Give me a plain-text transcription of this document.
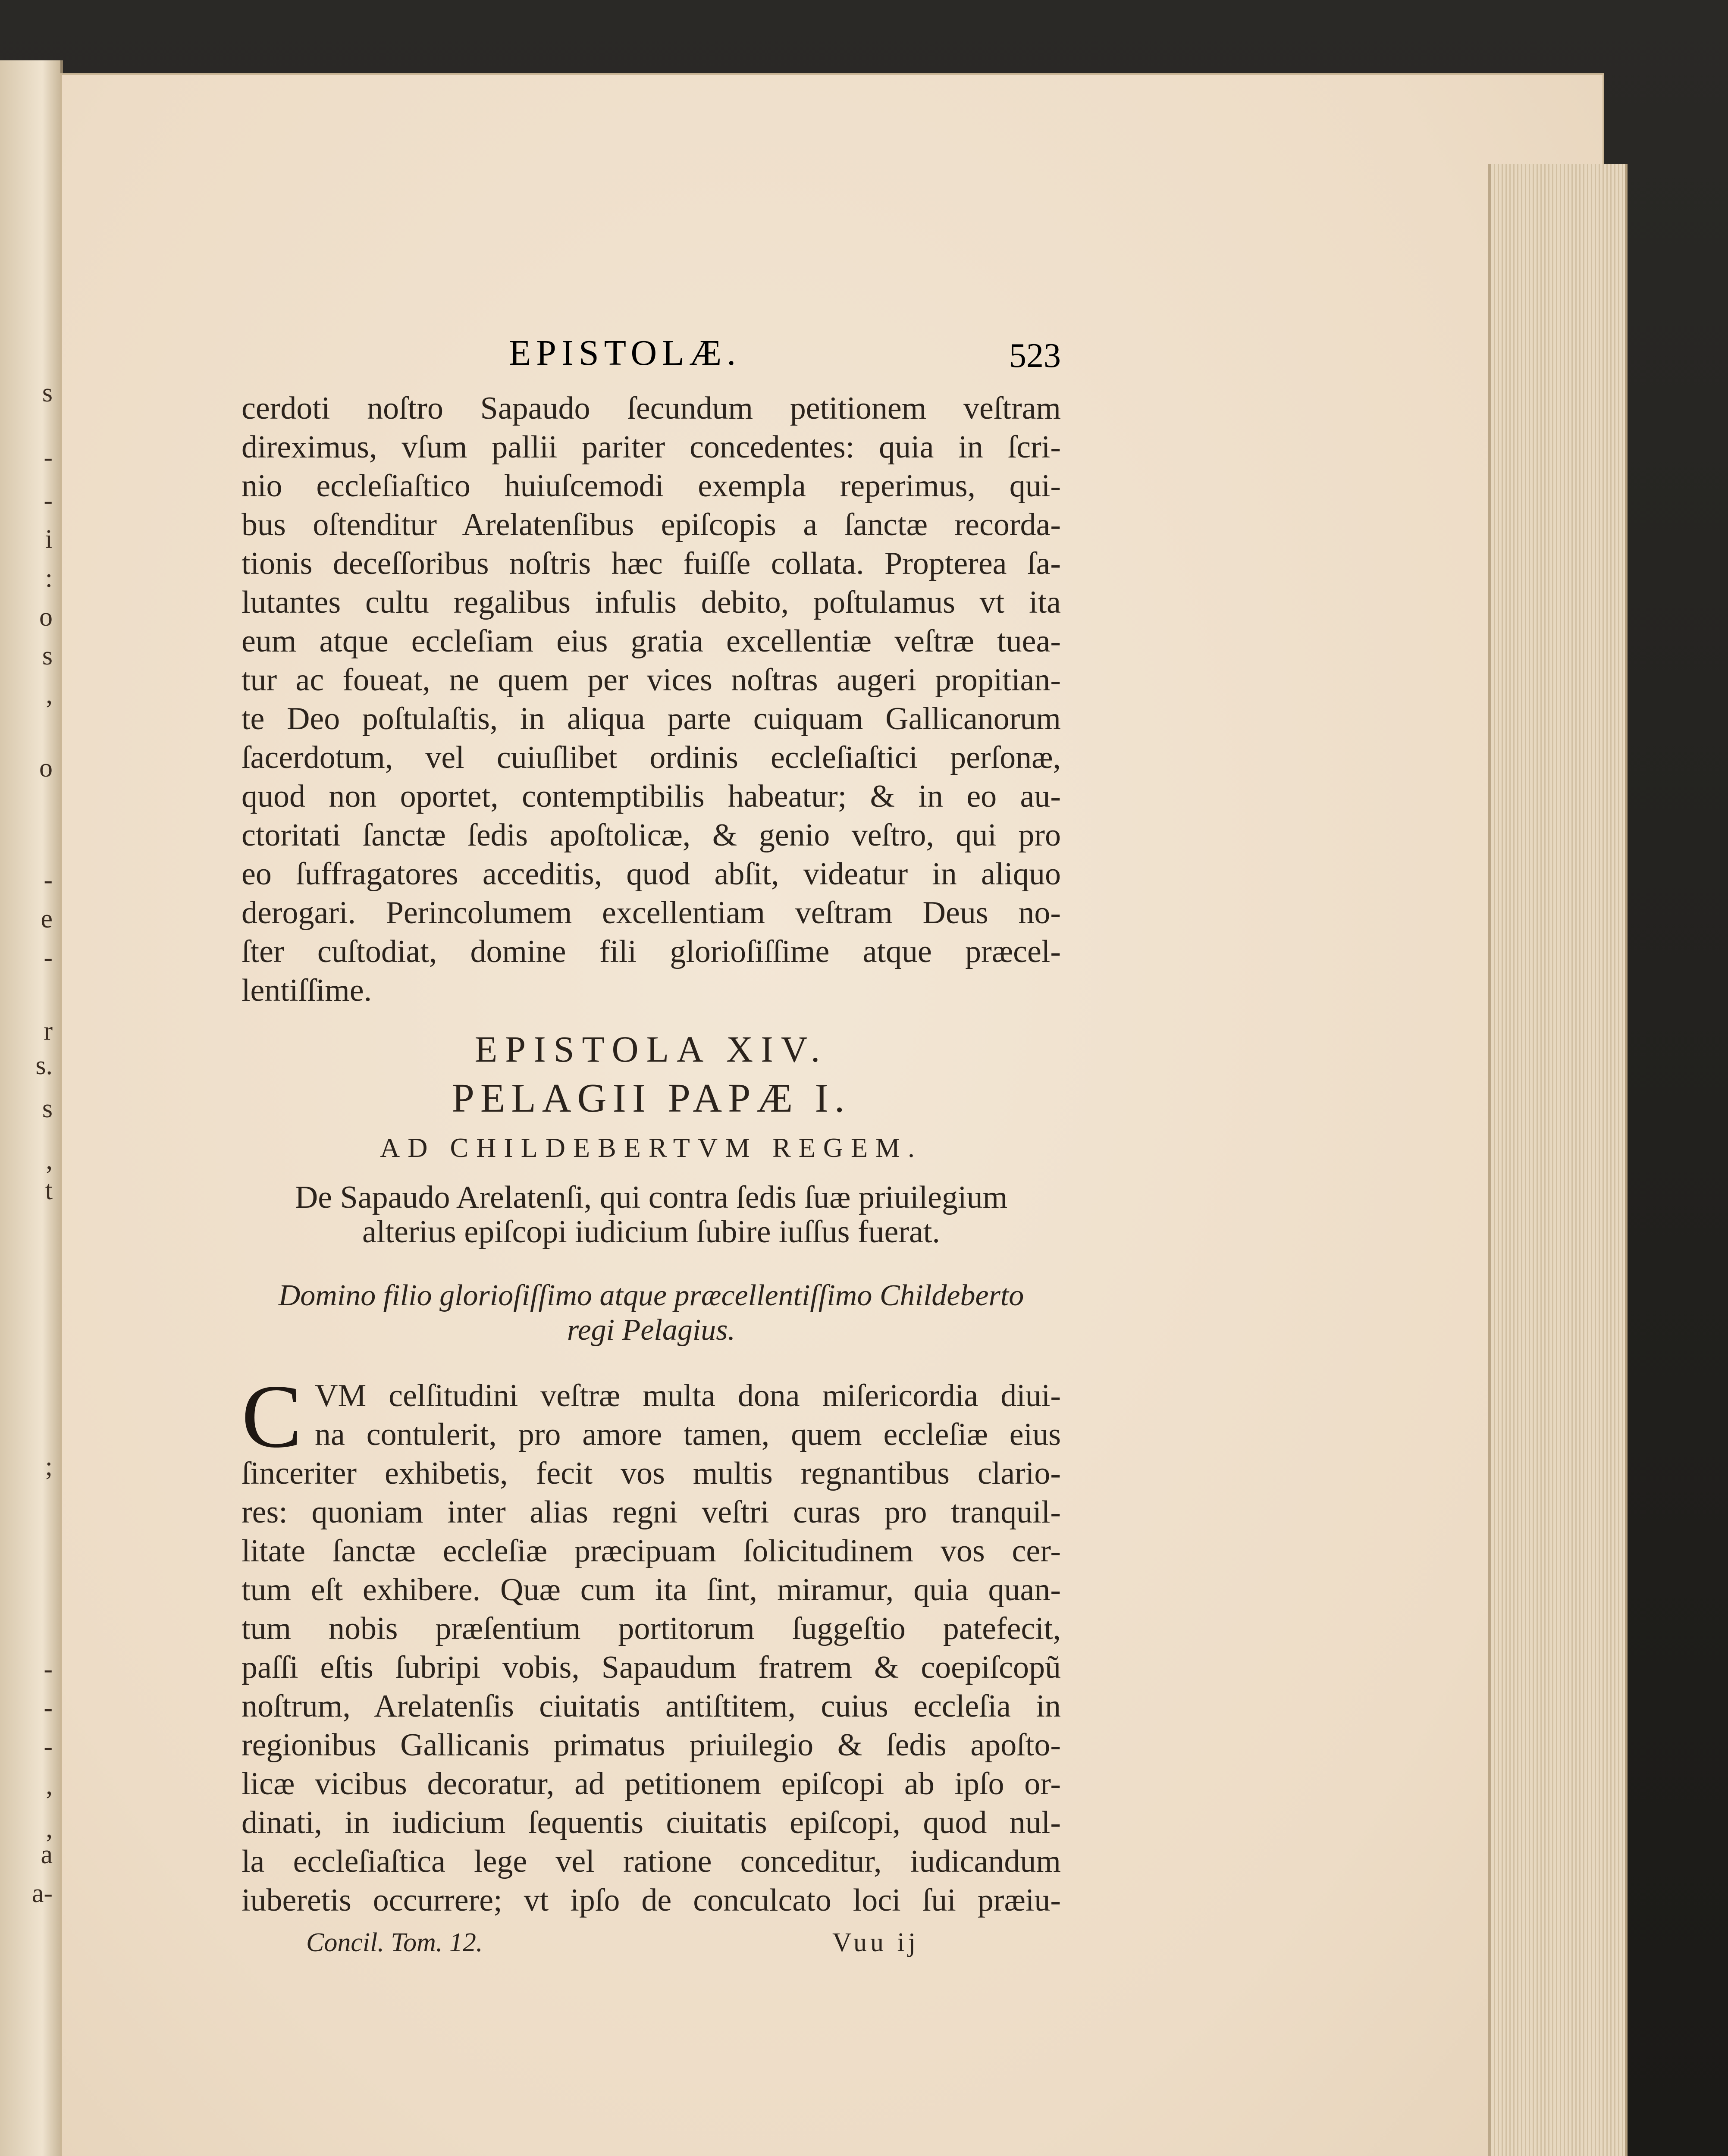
s
-
-
i
:
o
s
,
o
-
e
-
r
s.
s
,
t
;
-
-
-
,
,
a
a-
EPISTOLÆ.	523
cerdoti noſtro Sapaudo ſecundum petitionem veſtram
direximus, vſum pallii pariter concedentes: quia in ſcri-
nio eccleſiaſtico huiuſcemodi exempla reperimus, qui-
bus oſtenditur Arelatenſibus epiſcopis a ſanctæ recorda-
tionis deceſſoribus noſtris hæc fuiſſe collata. Propterea ſa-
lutantes cultu regalibus infulis debito, poſtulamus vt ita
eum atque eccleſiam eius gratia excellentiæ veſtræ tuea-
tur ac foueat, ne quem per vices noſtras augeri propitian-
te Deo poſtulaſtis, in aliqua parte cuiquam Gallicanorum
ſacerdotum, vel cuiuſlibet ordinis eccleſiaſtici perſonæ,
quod non oportet, contemptibilis habeatur; & in eo au-
ctoritati ſanctæ ſedis apoſtolicæ, & genio veſtro, qui pro
eo ſuffragatores acceditis, quod abſit, videatur in aliquo
derogari. Perincolumem excellentiam veſtram Deus no-
ſter cuſtodiat, domine fili glorioſiſſime atque præcel-
lentiſſime.
EPISTOLA XIV.
PELAGII PAPÆ I.
AD CHILDEBERTVM REGEM.
De Sapaudo Arelatenſi, qui contra ſedis ſuæ priuilegium
alterius epiſcopi iudicium ſubire iuſſus fuerat.
Domino filio glorioſiſſimo atque præcellentiſſimo Childeberto
regi Pelagius.
C VM celſitudini veſtræ multa dona miſericordia diui-
na contulerit, pro amore tamen, quem eccleſiæ eius
ſinceriter exhibetis, fecit vos multis regnantibus clario-
res: quoniam inter alias regni veſtri curas pro tranquil-
litate ſanctæ eccleſiæ præcipuam ſolicitudinem vos cer-
tum eſt exhibere. Quæ cum ita ſint, miramur, quia quan-
tum nobis præſentium portitorum ſuggeſtio patefecit,
paſſi eſtis ſubripi vobis, Sapaudum fratrem & coepiſcopũ
noſtrum, Arelatenſis ciuitatis antiſtitem, cuius eccleſia in
regionibus Gallicanis primatus priuilegio & ſedis apoſto-
licæ vicibus decoratur, ad petitionem epiſcopi ab ipſo or-
dinati, in iudicium ſequentis ciuitatis epiſcopi, quod nul-
la eccleſiaſtica lege vel ratione conceditur, iudicandum
iuberetis occurrere; vt ipſo de conculcato loci ſui præiu-
Concil. Tom. 12.	Vuu ij
